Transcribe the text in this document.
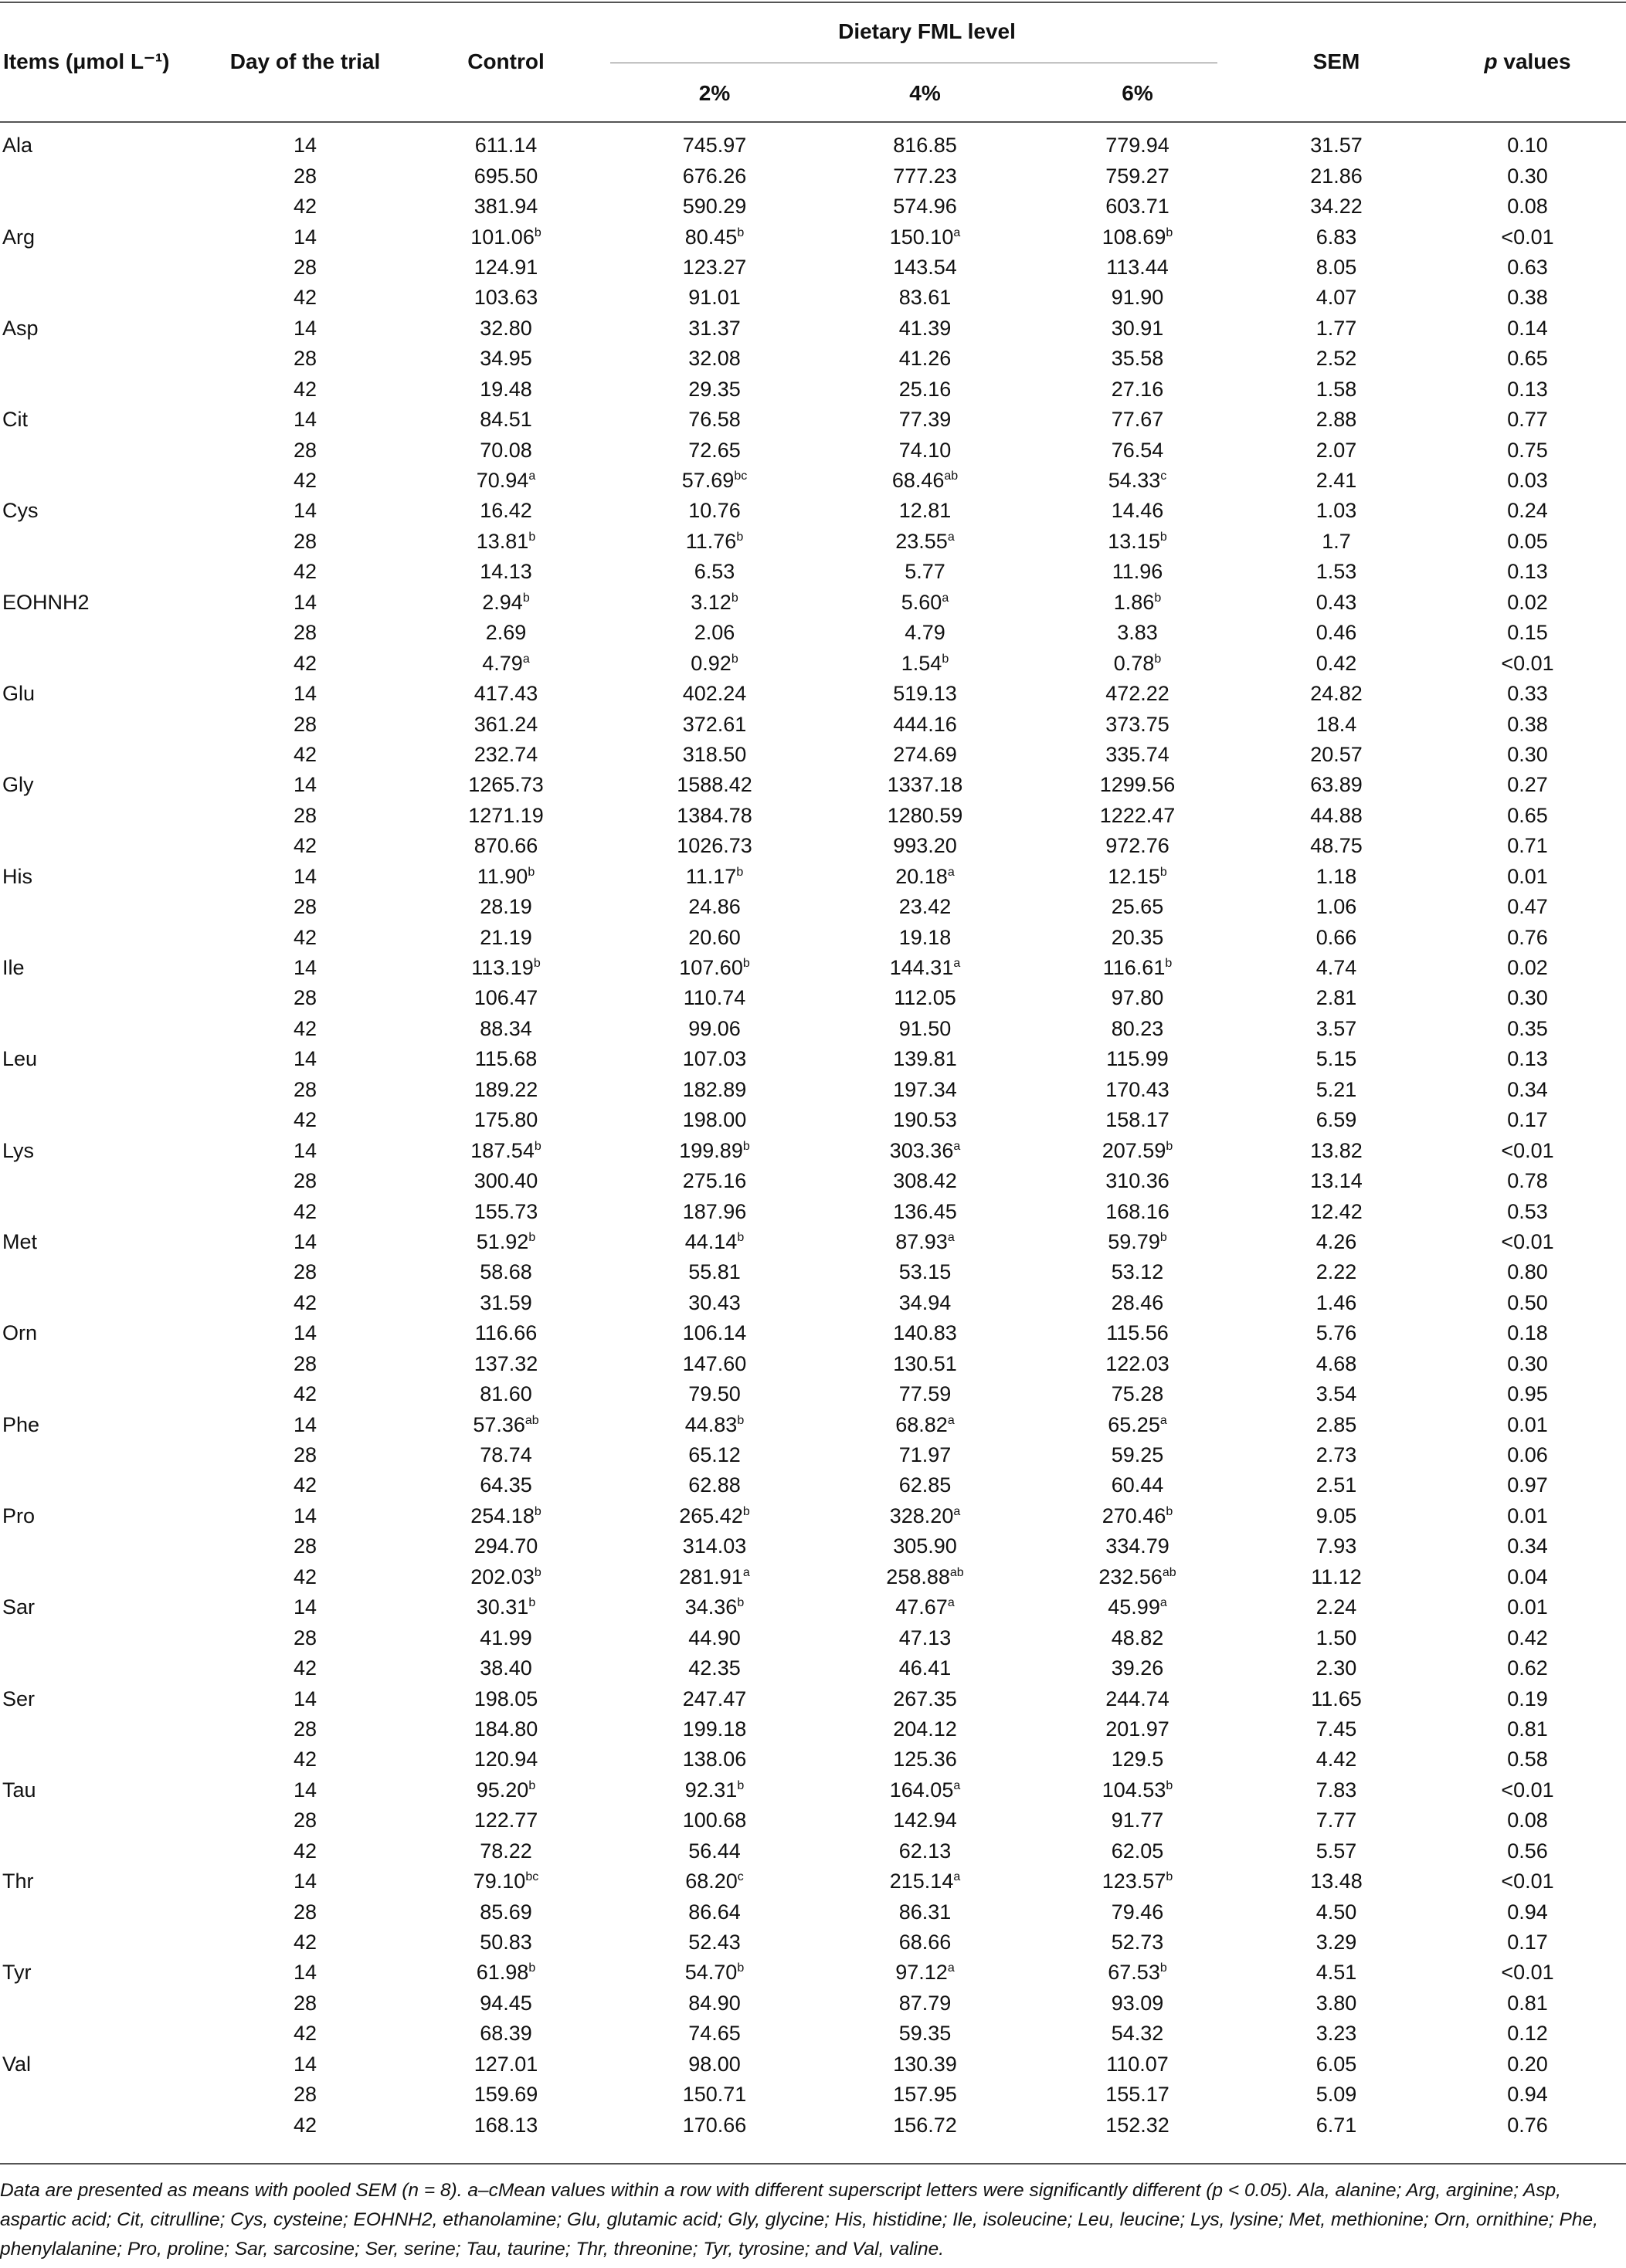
Items (μmol L⁻¹)	Day of the trial	Control	Dietary FML level			SEM	p values
			2%	4%	6%		

Ala	14	611.14	745.97	816.85	779.94	31.57	0.10
	28	695.50	676.26	777.23	759.27	21.86	0.30
	42	381.94	590.29	574.96	603.71	34.22	0.08
Arg	14	101.06$^b$	80.45$^b$	150.10$^a$	108.69$^b$	6.83	<0.01
	28	124.91	123.27	143.54	113.44	8.05	0.63
	42	103.63	91.01	83.61	91.90	4.07	0.38
Asp	14	32.80	31.37	41.39	30.91	1.77	0.14
	28	34.95	32.08	41.26	35.58	2.52	0.65
	42	19.48	29.35	25.16	27.16	1.58	0.13
Cit	14	84.51	76.58	77.39	77.67	2.88	0.77
	28	70.08	72.65	74.10	76.54	2.07	0.75
	42	70.94$^a$	57.69$^{bc}$	68.46$^{ab}$	54.33$^c$	2.41	0.03
Cys	14	16.42	10.76	12.81	14.46	1.03	0.24
	28	13.81$^b$	11.76$^b$	23.55$^a$	13.15$^b$	1.7	0.05
	42	14.13	6.53	5.77	11.96	1.53	0.13
EOHNH2	14	2.94$^b$	3.12$^b$	5.60$^a$	1.86$^b$	0.43	0.02
	28	2.69	2.06	4.79	3.83	0.46	0.15
	42	4.79$^a$	0.92$^b$	1.54$^b$	0.78$^b$	0.42	<0.01
Glu	14	417.43	402.24	519.13	472.22	24.82	0.33
	28	361.24	372.61	444.16	373.75	18.4	0.38
	42	232.74	318.50	274.69	335.74	20.57	0.30
Gly	14	1265.73	1588.42	1337.18	1299.56	63.89	0.27
	28	1271.19	1384.78	1280.59	1222.47	44.88	0.65
	42	870.66	1026.73	993.20	972.76	48.75	0.71
His	14	11.90$^b$	11.17$^b$	20.18$^a$	12.15$^b$	1.18	0.01
	28	28.19	24.86	23.42	25.65	1.06	0.47
	42	21.19	20.60	19.18	20.35	0.66	0.76
Ile	14	113.19$^b$	107.60$^b$	144.31$^a$	116.61$^b$	4.74	0.02
	28	106.47	110.74	112.05	97.80	2.81	0.30
	42	88.34	99.06	91.50	80.23	3.57	0.35
Leu	14	115.68	107.03	139.81	115.99	5.15	0.13
	28	189.22	182.89	197.34	170.43	5.21	0.34
	42	175.80	198.00	190.53	158.17	6.59	0.17
Lys	14	187.54$^b$	199.89$^b$	303.36$^a$	207.59$^b$	13.82	<0.01
	28	300.40	275.16	308.42	310.36	13.14	0.78
	42	155.73	187.96	136.45	168.16	12.42	0.53
Met	14	51.92$^b$	44.14$^b$	87.93$^a$	59.79$^b$	4.26	<0.01
	28	58.68	55.81	53.15	53.12	2.22	0.80
	42	31.59	30.43	34.94	28.46	1.46	0.50
Orn	14	116.66	106.14	140.83	115.56	5.76	0.18
	28	137.32	147.60	130.51	122.03	4.68	0.30
	42	81.60	79.50	77.59	75.28	3.54	0.95
Phe	14	57.36$^{ab}$	44.83$^b$	68.82$^a$	65.25$^a$	2.85	0.01
	28	78.74	65.12	71.97	59.25	2.73	0.06
	42	64.35	62.88	62.85	60.44	2.51	0.97
Pro	14	254.18$^b$	265.42$^b$	328.20$^a$	270.46$^b$	9.05	0.01
	28	294.70	314.03	305.90	334.79	7.93	0.34
	42	202.03$^b$	281.91$^a$	258.88$^{ab}$	232.56$^{ab}$	11.12	0.04
Sar	14	30.31$^b$	34.36$^b$	47.67$^a$	45.99$^a$	2.24	0.01
	28	41.99	44.90	47.13	48.82	1.50	0.42
	42	38.40	42.35	46.41	39.26	2.30	0.62
Ser	14	198.05	247.47	267.35	244.74	11.65	0.19
	28	184.80	199.18	204.12	201.97	7.45	0.81
	42	120.94	138.06	125.36	129.5	4.42	0.58
Tau	14	95.20$^b$	92.31$^b$	164.05$^a$	104.53$^b$	7.83	<0.01
	28	122.77	100.68	142.94	91.77	7.77	0.08
	42	78.22	56.44	62.13	62.05	5.57	0.56
Thr	14	79.10$^{bc}$	68.20$^c$	215.14$^a$	123.57$^b$	13.48	<0.01
	28	85.69	86.64	86.31	79.46	4.50	0.94
	42	50.83	52.43	68.66	52.73	3.29	0.17
Tyr	14	61.98$^b$	54.70$^b$	97.12$^a$	67.53$^b$	4.51	<0.01
	28	94.45	84.90	87.79	93.09	3.80	0.81
	42	68.39	74.65	59.35	54.32	3.23	0.12
Val	14	127.01	98.00	130.39	110.07	6.05	0.20
	28	159.69	150.71	157.95	155.17	5.09	0.94
	42	168.13	170.66	156.72	152.32	6.71	0.76
Data are presented as means with pooled SEM (n = 8). a–cMean values within a row with different superscript letters were significantly different (p < 0.05). Ala, alanine; Arg, arginine; Asp, aspartic acid; Cit, citrulline; Cys, cysteine; EOHNH2, ethanolamine; Glu, glutamic acid; Gly, glycine; His, histidine; Ile, isoleucine; Leu, leucine; Lys, lysine; Met, methionine; Orn, ornithine; Phe, phenylalanine; Pro, proline; Sar, sarcosine; Ser, serine; Tau, taurine; Thr, threonine; Tyr, tyrosine; and Val, valine.
